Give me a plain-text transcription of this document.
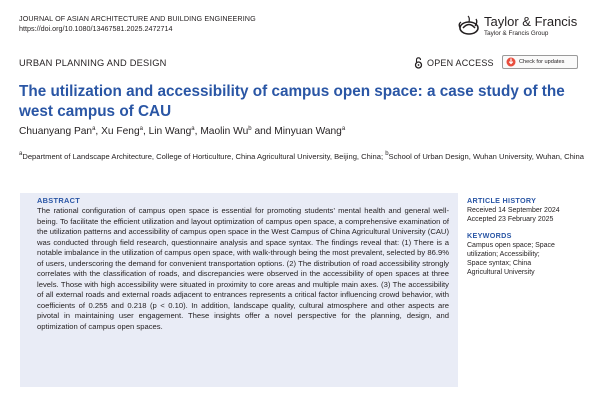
JOURNAL OF ASIAN ARCHITECTURE AND BUILDING ENGINEERING
https://doi.org/10.1080/13467581.2025.2472714	Taylor & Francis
Taylor & Francis Group
URBAN PLANNING AND DESIGN	OPEN ACCESS	Check for updates
The utilization and accessibility of campus open space: a case study of the west campus of CAU
Chuanyang Pan$^a$, Xu Feng$^a$, Lin Wang$^a$, Maolin Wu$^b$ and Minyuan Wang$^a$
$^a$Department of Landscape Architecture, College of Horticulture, China Agricultural University, Beijing, China; $^b$School of Urban Design, Wuhan University, Wuhan, China
ABSTRACT

The rational configuration of campus open space is essential for promoting students’ mental health and general well-being. To facilitate the efficient utilization and layout optimization of campus open space, a comprehensive examination of the utilization patterns and accessibility of campus open space in the West Campus of China Agricultural University (CAU) was conducted through field research, questionnaire analysis and space syntax. The findings reveal that: (1) There is a notable imbalance in the utilization of campus open space, with walk-through being the most prevalent, selected by 86.9% of users, underscoring the demand for convenient transportation options. (2) The distribution of road accessibility strongly correlates with the classification of roads, and discrepancies were observed in the accessibility of open spaces at three levels. Those with high accessibility were situated in proximity to core areas and multiple main axes. (3) The accessibility of all external roads and external roads adjacent to entrances represents a critical factor influencing crowd behavior, with coefficients of 0.255 and 0.218 (p < 0.10). In addition, landscape quality, cultural atmosphere and other aspects are pivotal in maintaining user engagement. These insights offer a novel perspective for the planning, design, and optimization of campus open spaces.

ARTICLE HISTORY
Received 14 September 2024
Accepted 23 February 2025
KEYWORDS
Campus open space; Space
utilization; Accessibility;
Space syntax; China
Agricultural University
